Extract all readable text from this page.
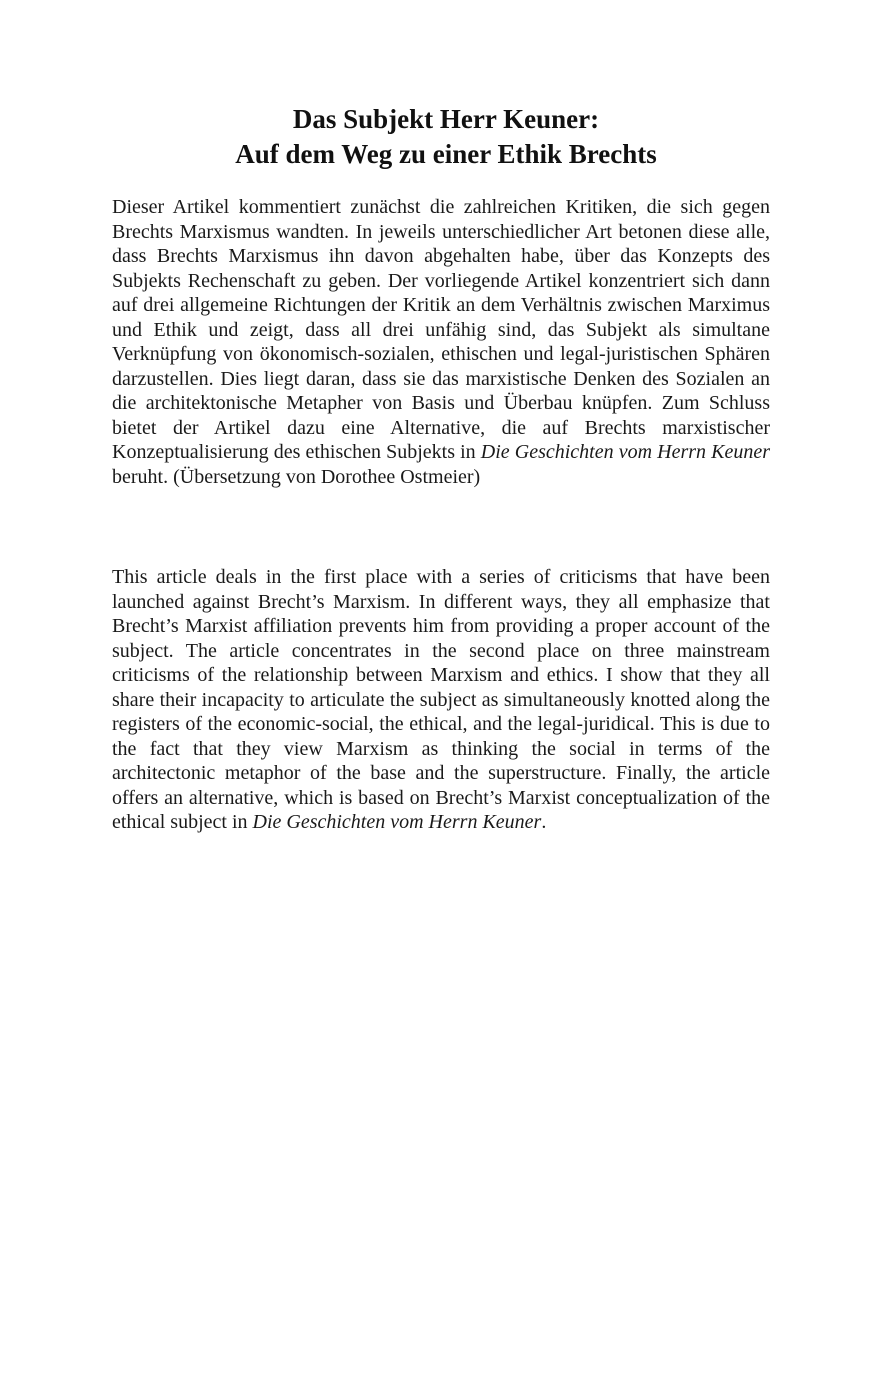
Das Subjekt Herr Keuner:
Auf dem Weg zu einer Ethik Brechts

Dieser Artikel kommentiert zunächst die zahlreichen Kritiken, die sich gegen Brechts Marxismus wandten. In jeweils unterschiedlicher Art betonen diese alle, dass Brechts Marxismus ihn davon abgehalten habe, über das Konzepts des Subjekts Rechenschaft zu geben. Der vorliegende Artikel konzentriert sich dann auf drei allgemeine Richtungen der Kritik an dem Verhältnis zwischen Marximus und Ethik und zeigt, dass all drei unfähig sind, das Subjekt als simultane Verknüpfung von ökonomisch-sozialen, ethischen und legal-juristischen Sphären darzustellen. Dies liegt daran, dass sie das marxistische Denken des Sozialen an die architektonische Metapher von Basis und Überbau knüpfen. Zum Schluss bietet der Artikel dazu eine Alternative, die auf Brechts marxistischer Konzeptualisierung des ethischen Subjekts in Die Geschichten vom Herrn Keuner beruht. (Übersetzung von Dorothee Ostmeier)

This article deals in the first place with a series of criticisms that have been launched against Brecht’s Marxism. In different ways, they all emphasize that Brecht’s Marxist affiliation prevents him from providing a proper account of the subject. The article concentrates in the second place on three mainstream criticisms of the relationship between Marxism and ethics. I show that they all share their incapacity to articulate the subject as simultaneously knotted along the registers of the economic-social, the ethical, and the legal-juridical. This is due to the fact that they view Marxism as thinking the social in terms of the architectonic metaphor of the base and the superstructure. Finally, the article offers an alternative, which is based on Brecht’s Marxist conceptualization of the ethical subject in Die Geschichten vom Herrn Keuner.
